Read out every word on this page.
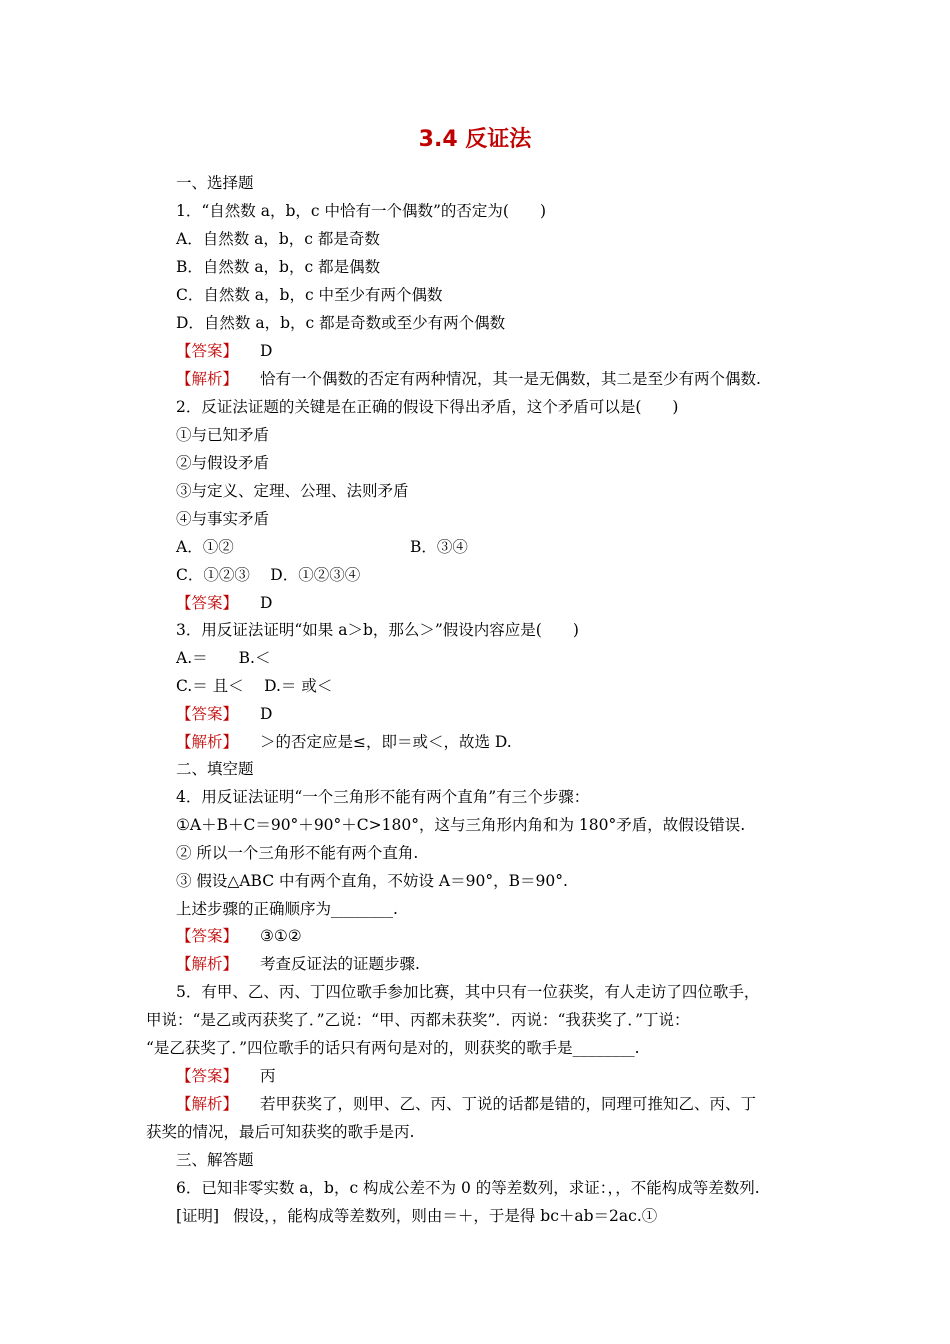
3.4 反证法
一、选择题
1．“自然数 a，b，c 中恰有一个偶数”的否定为(　　)
A．自然数 a，b，c 都是奇数
B．自然数 a，b，c 都是偶数
C．自然数 a，b，c 中至少有两个偶数
D．自然数 a，b，c 都是奇数或至少有两个偶数
【答案】 D
【解析】 恰有一个偶数的否定有两种情况，其一是无偶数，其二是至少有两个偶数.
2．反证法证题的关键是在正确的假设下得出矛盾，这个矛盾可以是(　　)
①与已知矛盾
②与假设矛盾
③与定义、定理、公理、法则矛盾
④与事实矛盾
A．①②	B．③④
C．①②③　 D．①②③④
【答案】 D
3．用反证法证明“如果 a＞b，那么＞”假设内容应是(　　)
A.＝　　B.＜
C.＝ 且＜　 D.＝ 或＜
【答案】 D
【解析】 ＞的否定应是≤，即＝或＜，故选 D.
二、填空题
4．用反证法证明“一个三角形不能有两个直角”有三个步骤：
①A＋B＋C＝90°＋90°＋C>180°，这与三角形内角和为 180°矛盾，故假设错误.
② 所以一个三角形不能有两个直角.
③ 假设△ABC 中有两个直角，不妨设 A＝90°，B＝90°.
上述步骤的正确顺序为________.
【答案】 ③①②
【解析】 考查反证法的证题步骤.
5．有甲、乙、丙、丁四位歌手参加比赛，其中只有一位获奖，有人走访了四位歌手，
甲说：“是乙或丙获奖了．”乙说：“甲、丙都未获奖”．丙说：“我获奖了．”丁说：
“是乙获奖了．”四位歌手的话只有两句是对的，则获奖的歌手是________.
【答案】 丙
【解析】 若甲获奖了，则甲、乙、丙、丁说的话都是错的，同理可推知乙、丙、丁
获奖的情况，最后可知获奖的歌手是丙.
三、解答题
6．已知非零实数 a，b，c 构成公差不为 0 的等差数列，求证：，，不能构成等差数列.
[证明] 假设，，能构成等差数列，则由＝＋，于是得 bc＋ab＝2ac.①
